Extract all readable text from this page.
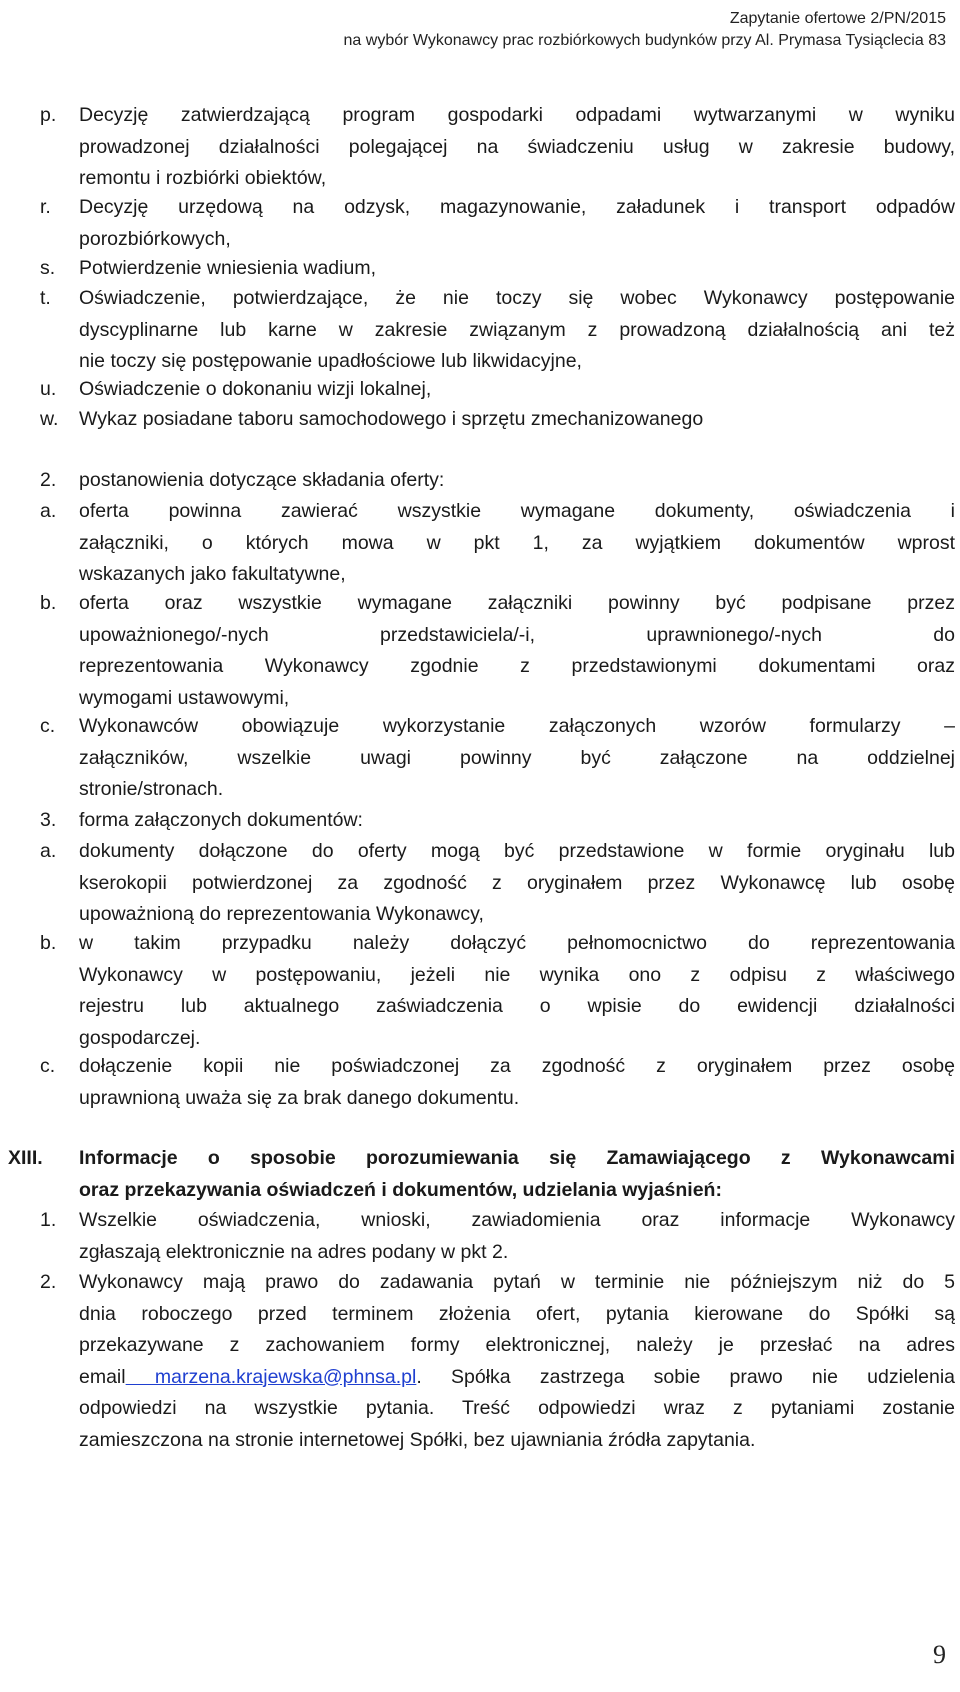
Zapytanie ofertowe 2/PN/2015
na wybór Wykonawcy prac rozbiórkowych budynków przy Al. Prymasa Tysiąclecia 83
p. Decyzję zatwierdzającą program gospodarki odpadami wytwarzanymi w wyniku
prowadzonej działalności polegającej na świadczeniu usług w zakresie budowy,
remontu i rozbiórki obiektów,
r. Decyzję urzędową na odzysk, magazynowanie, załadunek i transport odpadów
porozbiórkowych,
s. Potwierdzenie wniesienia wadium,
t. Oświadczenie, potwierdzające, że nie toczy się wobec Wykonawcy postępowanie
dyscyplinarne lub karne w zakresie związanym z prowadzoną działalnością ani też
nie toczy się postępowanie upadłościowe lub likwidacyjne,
u. Oświadczenie o dokonaniu wizji lokalnej,
w. Wykaz posiadane taboru samochodowego i sprzętu zmechanizowanego
2. postanowienia dotyczące składania oferty:
a. oferta powinna zawierać wszystkie wymagane dokumenty, oświadczenia i
załączniki, o których mowa w pkt 1, za wyjątkiem dokumentów wprost
wskazanych jako fakultatywne,
b. oferta oraz wszystkie wymagane załączniki powinny być podpisane przez
upoważnionego/-nych przedstawiciela/-i, uprawnionego/-nych do
reprezentowania Wykonawcy zgodnie z przedstawionymi dokumentami oraz
wymogami ustawowymi,
c. Wykonawców obowiązuje wykorzystanie załączonych wzorów formularzy –
załączników, wszelkie uwagi powinny być załączone na oddzielnej
stronie/stronach.
3. forma załączonych dokumentów:
a. dokumenty dołączone do oferty mogą być przedstawione w formie oryginału lub
kserokopii potwierdzonej za zgodność z oryginałem przez Wykonawcę lub osobę
upoważnioną do reprezentowania Wykonawcy,
b. w takim przypadku należy dołączyć pełnomocnictwo do reprezentowania
Wykonawcy w postępowaniu, jeżeli nie wynika ono z odpisu z właściwego
rejestru lub aktualnego zaświadczenia o wpisie do ewidencji działalności
gospodarczej.
c. dołączenie kopii nie poświadczonej za zgodność z oryginałem przez osobę
uprawnioną uważa się za brak danego dokumentu.
XIII. Informacje o sposobie porozumiewania się Zamawiającego z Wykonawcami
oraz przekazywania oświadczeń i dokumentów, udzielania wyjaśnień:
1. Wszelkie oświadczenia, wnioski, zawiadomienia oraz informacje Wykonawcy
zgłaszają elektronicznie na adres podany w pkt 2.
2. Wykonawcy mają prawo do zadawania pytań w terminie nie późniejszym niż do 5
dnia roboczego przed terminem złożenia ofert, pytania kierowane do Spółki są
przekazywane z zachowaniem formy elektronicznej, należy je przesłać na adres
email marzena.krajewska@phnsa.pl. Spółka zastrzega sobie prawo nie udzielenia
odpowiedzi na wszystkie pytania. Treść odpowiedzi wraz z pytaniami zostanie
zamieszczona na stronie internetowej Spółki, bez ujawniania źródła zapytania.
9
